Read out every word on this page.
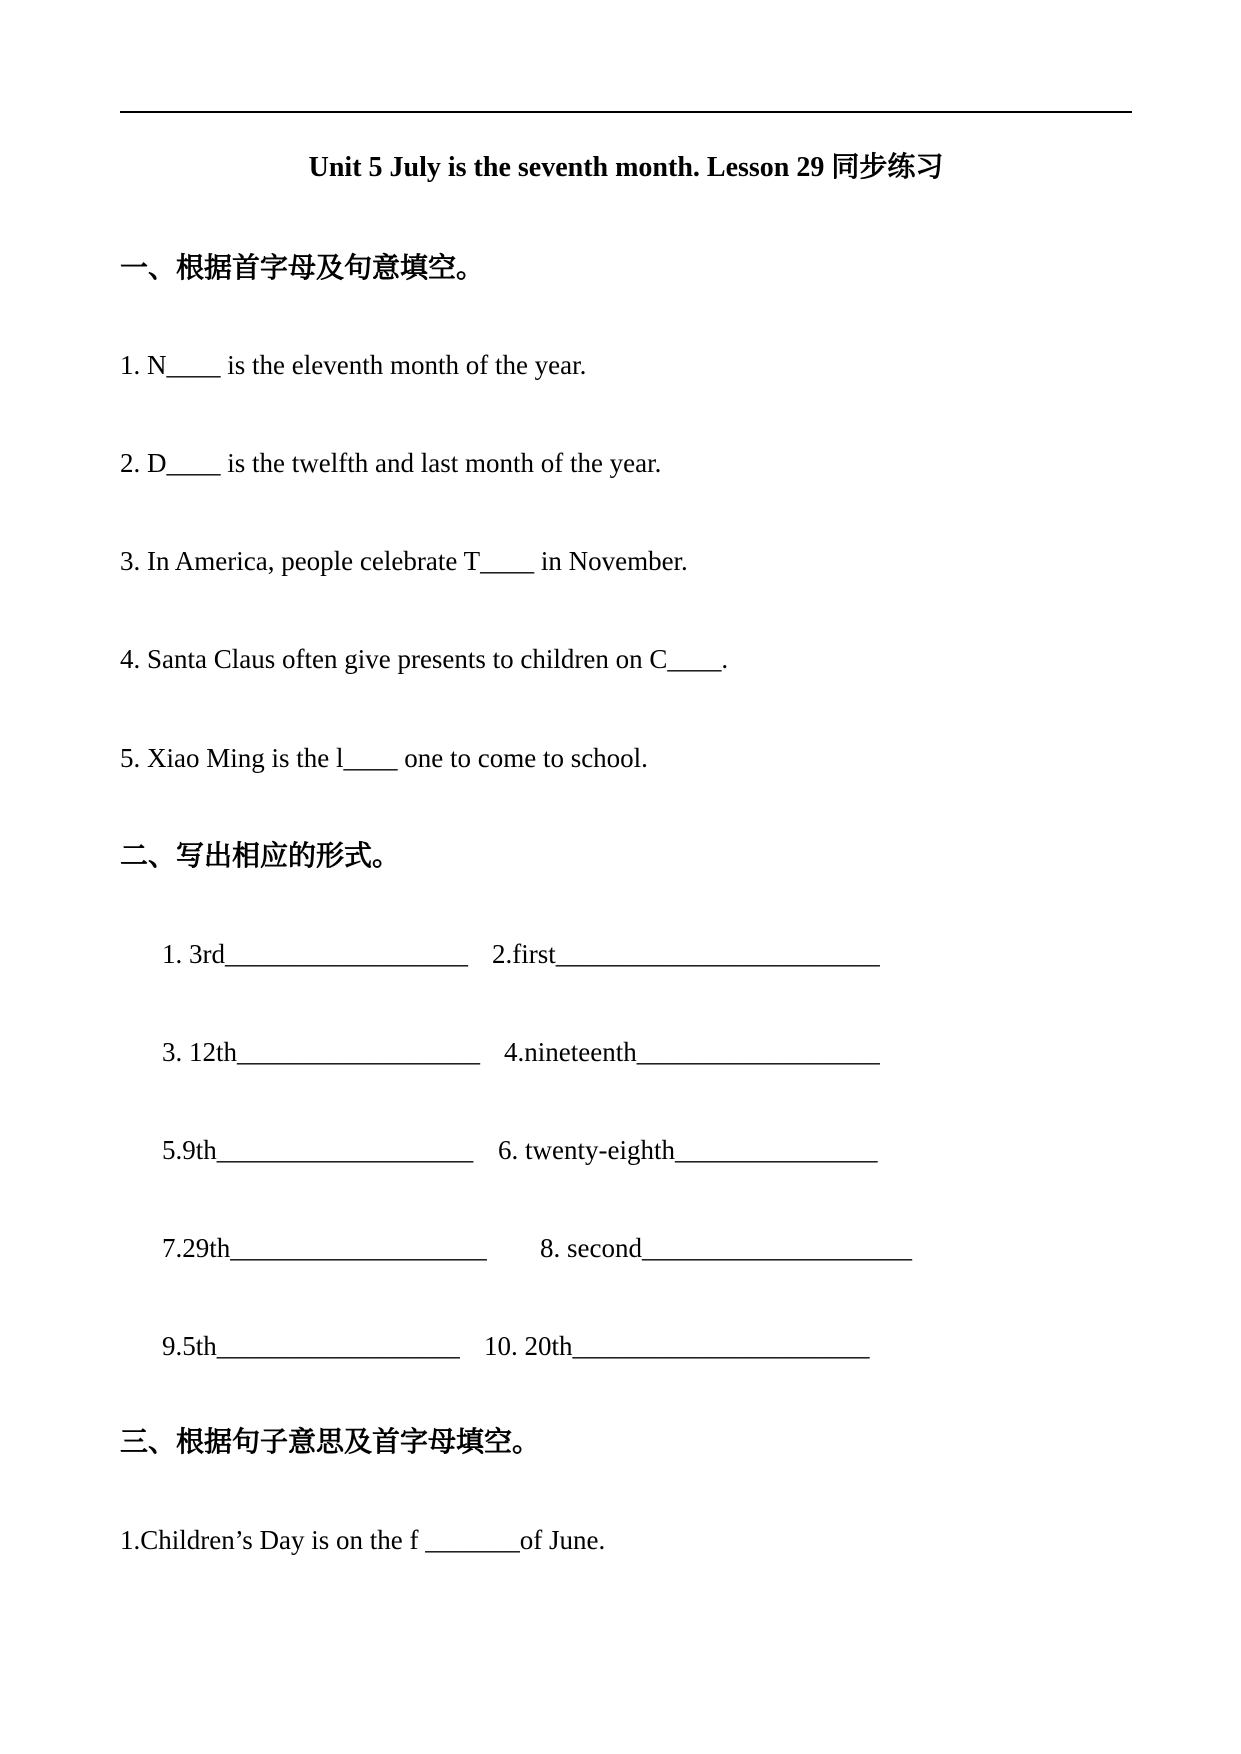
Unit 5 July is the seventh month. Lesson 29 同步练习
一、根据首字母及句意填空。
1. N____ is the eleventh month of the year.
2. D____ is the twelfth and last month of the year.
3. In America, people celebrate T____ in November.
4. Santa Claus often give presents to children on C____.
5. Xiao Ming is the l____ one to come to school.
二、写出相应的形式。
1. 3rd__________________ 2.first________________________
3. 12th__________________ 4.nineteenth__________________
5.9th___________________ 6. twenty-eighth_______________
7.29th___________________ 8. second____________________
9.5th__________________ 10. 20th______________________
三、根据句子意思及首字母填空。
1.Children’s Day is on the f _______of June.
